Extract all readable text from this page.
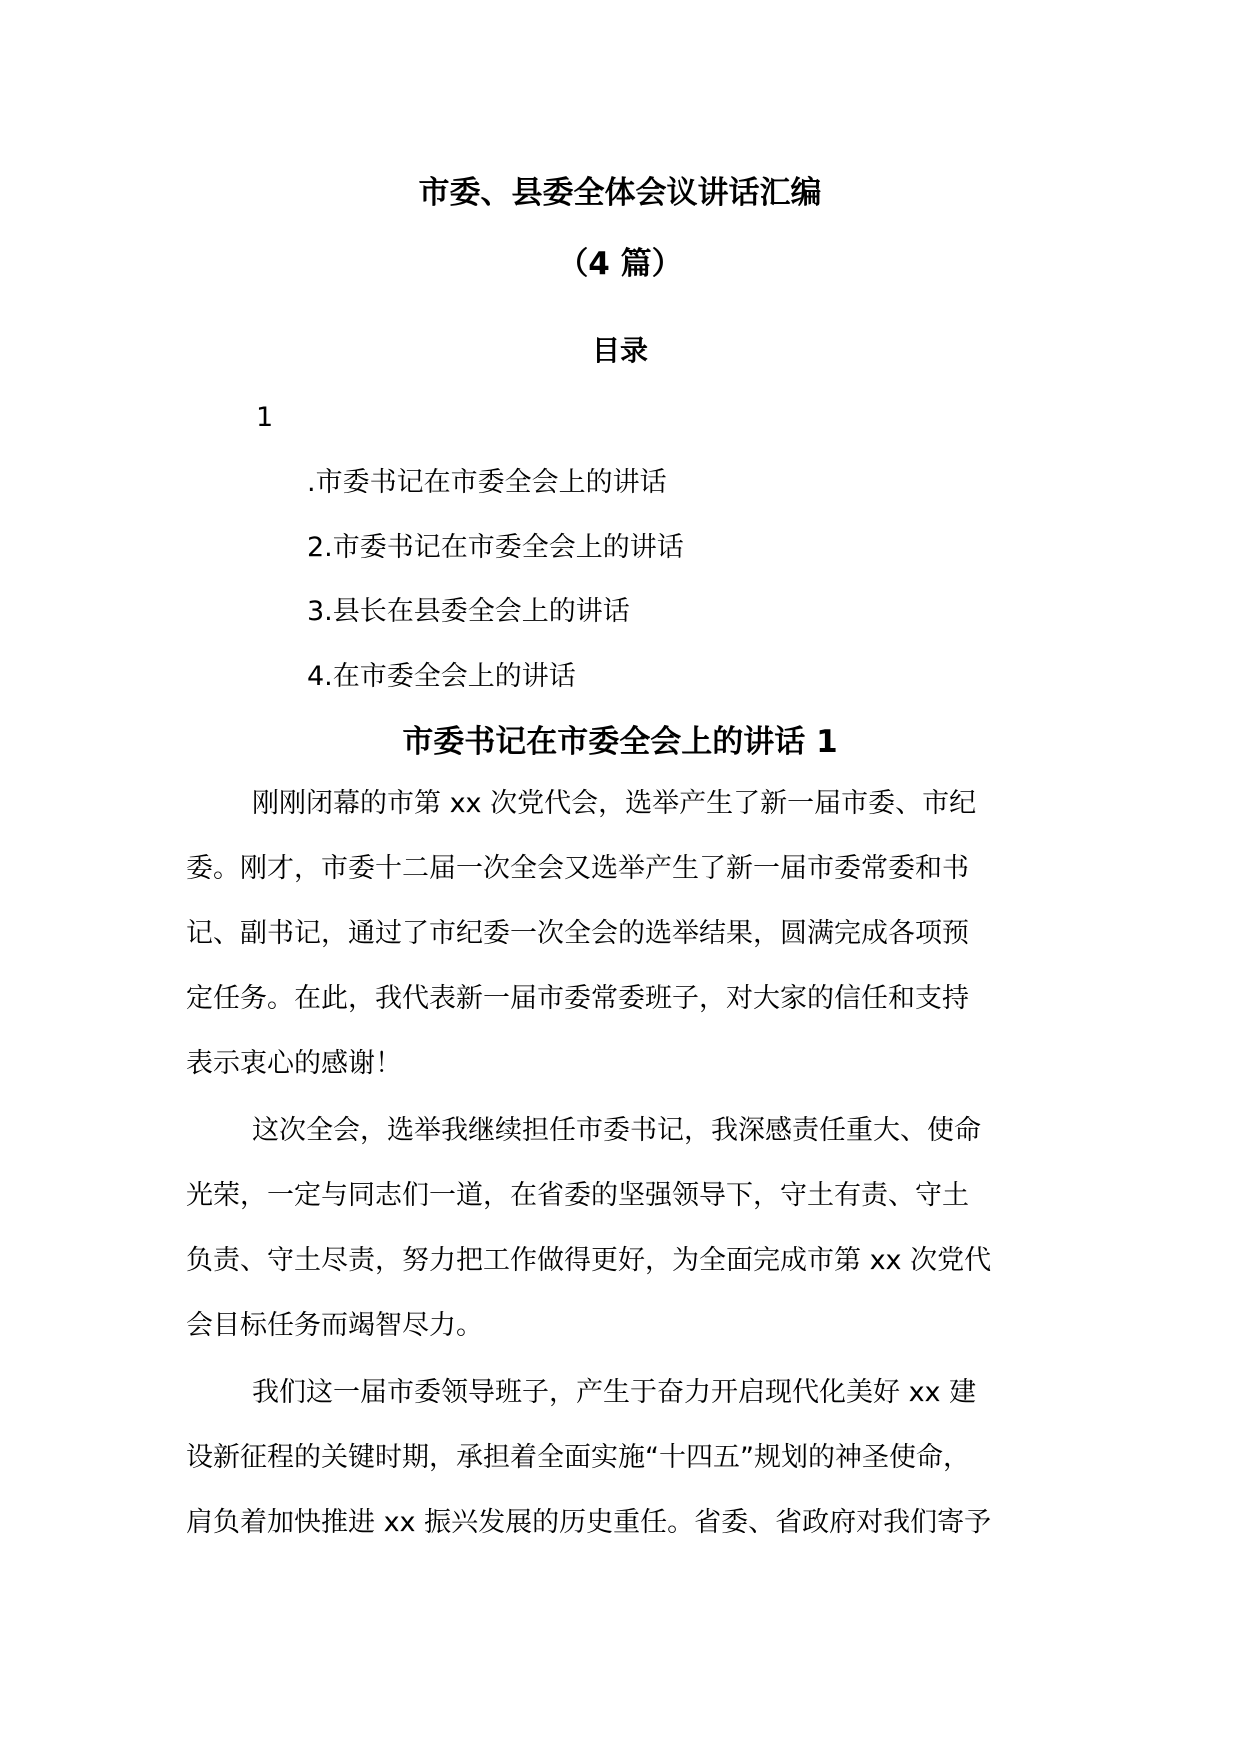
市委、县委全体会议讲话汇编
（4 篇）
目录
1
.市委书记在市委全会上的讲话
2.市委书记在市委全会上的讲话
3.县长在县委全会上的讲话
4.在市委全会上的讲话
市委书记在市委全会上的讲话 1
刚刚闭幕的市第 xx 次党代会，选举产生了新一届市委、市纪
委。刚才，市委十二届一次全会又选举产生了新一届市委常委和书
记、副书记，通过了市纪委一次全会的选举结果，圆满完成各项预
定任务。在此，我代表新一届市委常委班子，对大家的信任和支持
表示衷心的感谢！
这次全会，选举我继续担任市委书记，我深感责任重大、使命
光荣，一定与同志们一道，在省委的坚强领导下，守土有责、守土
负责、守土尽责，努力把工作做得更好，为全面完成市第 xx 次党代
会目标任务而竭智尽力。
我们这一届市委领导班子，产生于奋力开启现代化美好 xx 建
设新征程的关键时期，承担着全面实施“十四五”规划的神圣使命，
肩负着加快推进 xx 振兴发展的历史重任。省委、省政府对我们寄予
